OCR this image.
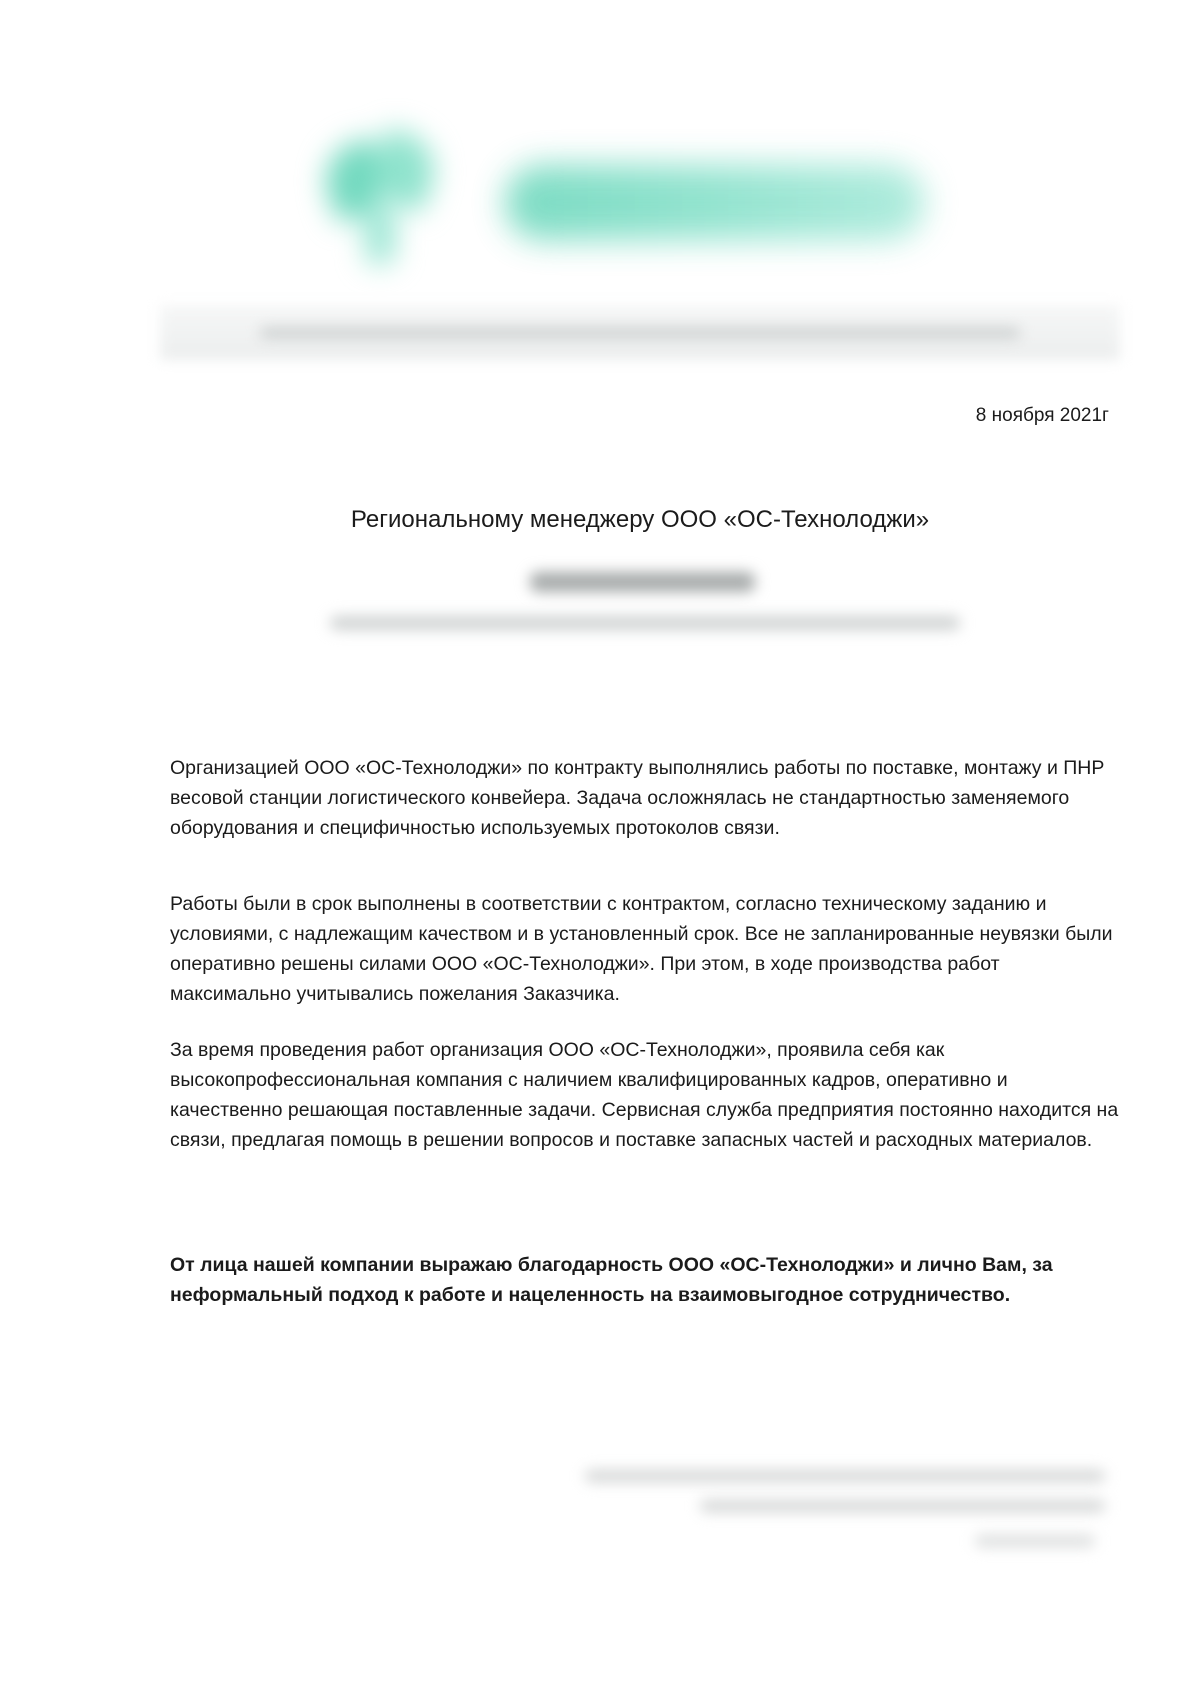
8 ноября 2021г
Региональному менеджеру ООО «ОС-Технолоджи»

Организацией ООО «ОС-Технолоджи» по контракту выполнялись работы по поставке, монтажу и ПНР весовой станции логистического конвейера. Задача осложнялась не стандартностью заменяемого оборудования и специфичностью используемых протоколов связи.

Работы были в срок выполнены в соответствии с контрактом, согласно техническому заданию и условиями, с надлежащим качеством и в установленный срок. Все не запланированные неувязки были оперативно решены силами ООО «ОС-Технолоджи». При этом, в ходе производства работ максимально учитывались пожелания Заказчика.

За время проведения работ организация ООО «ОС-Технолоджи», проявила себя как высокопрофессиональная компания с наличием квалифицированных кадров, оперативно и качественно решающая поставленные задачи. Сервисная служба предприятия постоянно находится на связи, предлагая помощь в решении вопросов и поставке запасных частей и расходных материалов.

От лица нашей компании выражаю благодарность ООО «ОС-Технолоджи» и лично Вам, за неформальный подход к работе и нацеленность на взаимовыгодное сотрудничество.
